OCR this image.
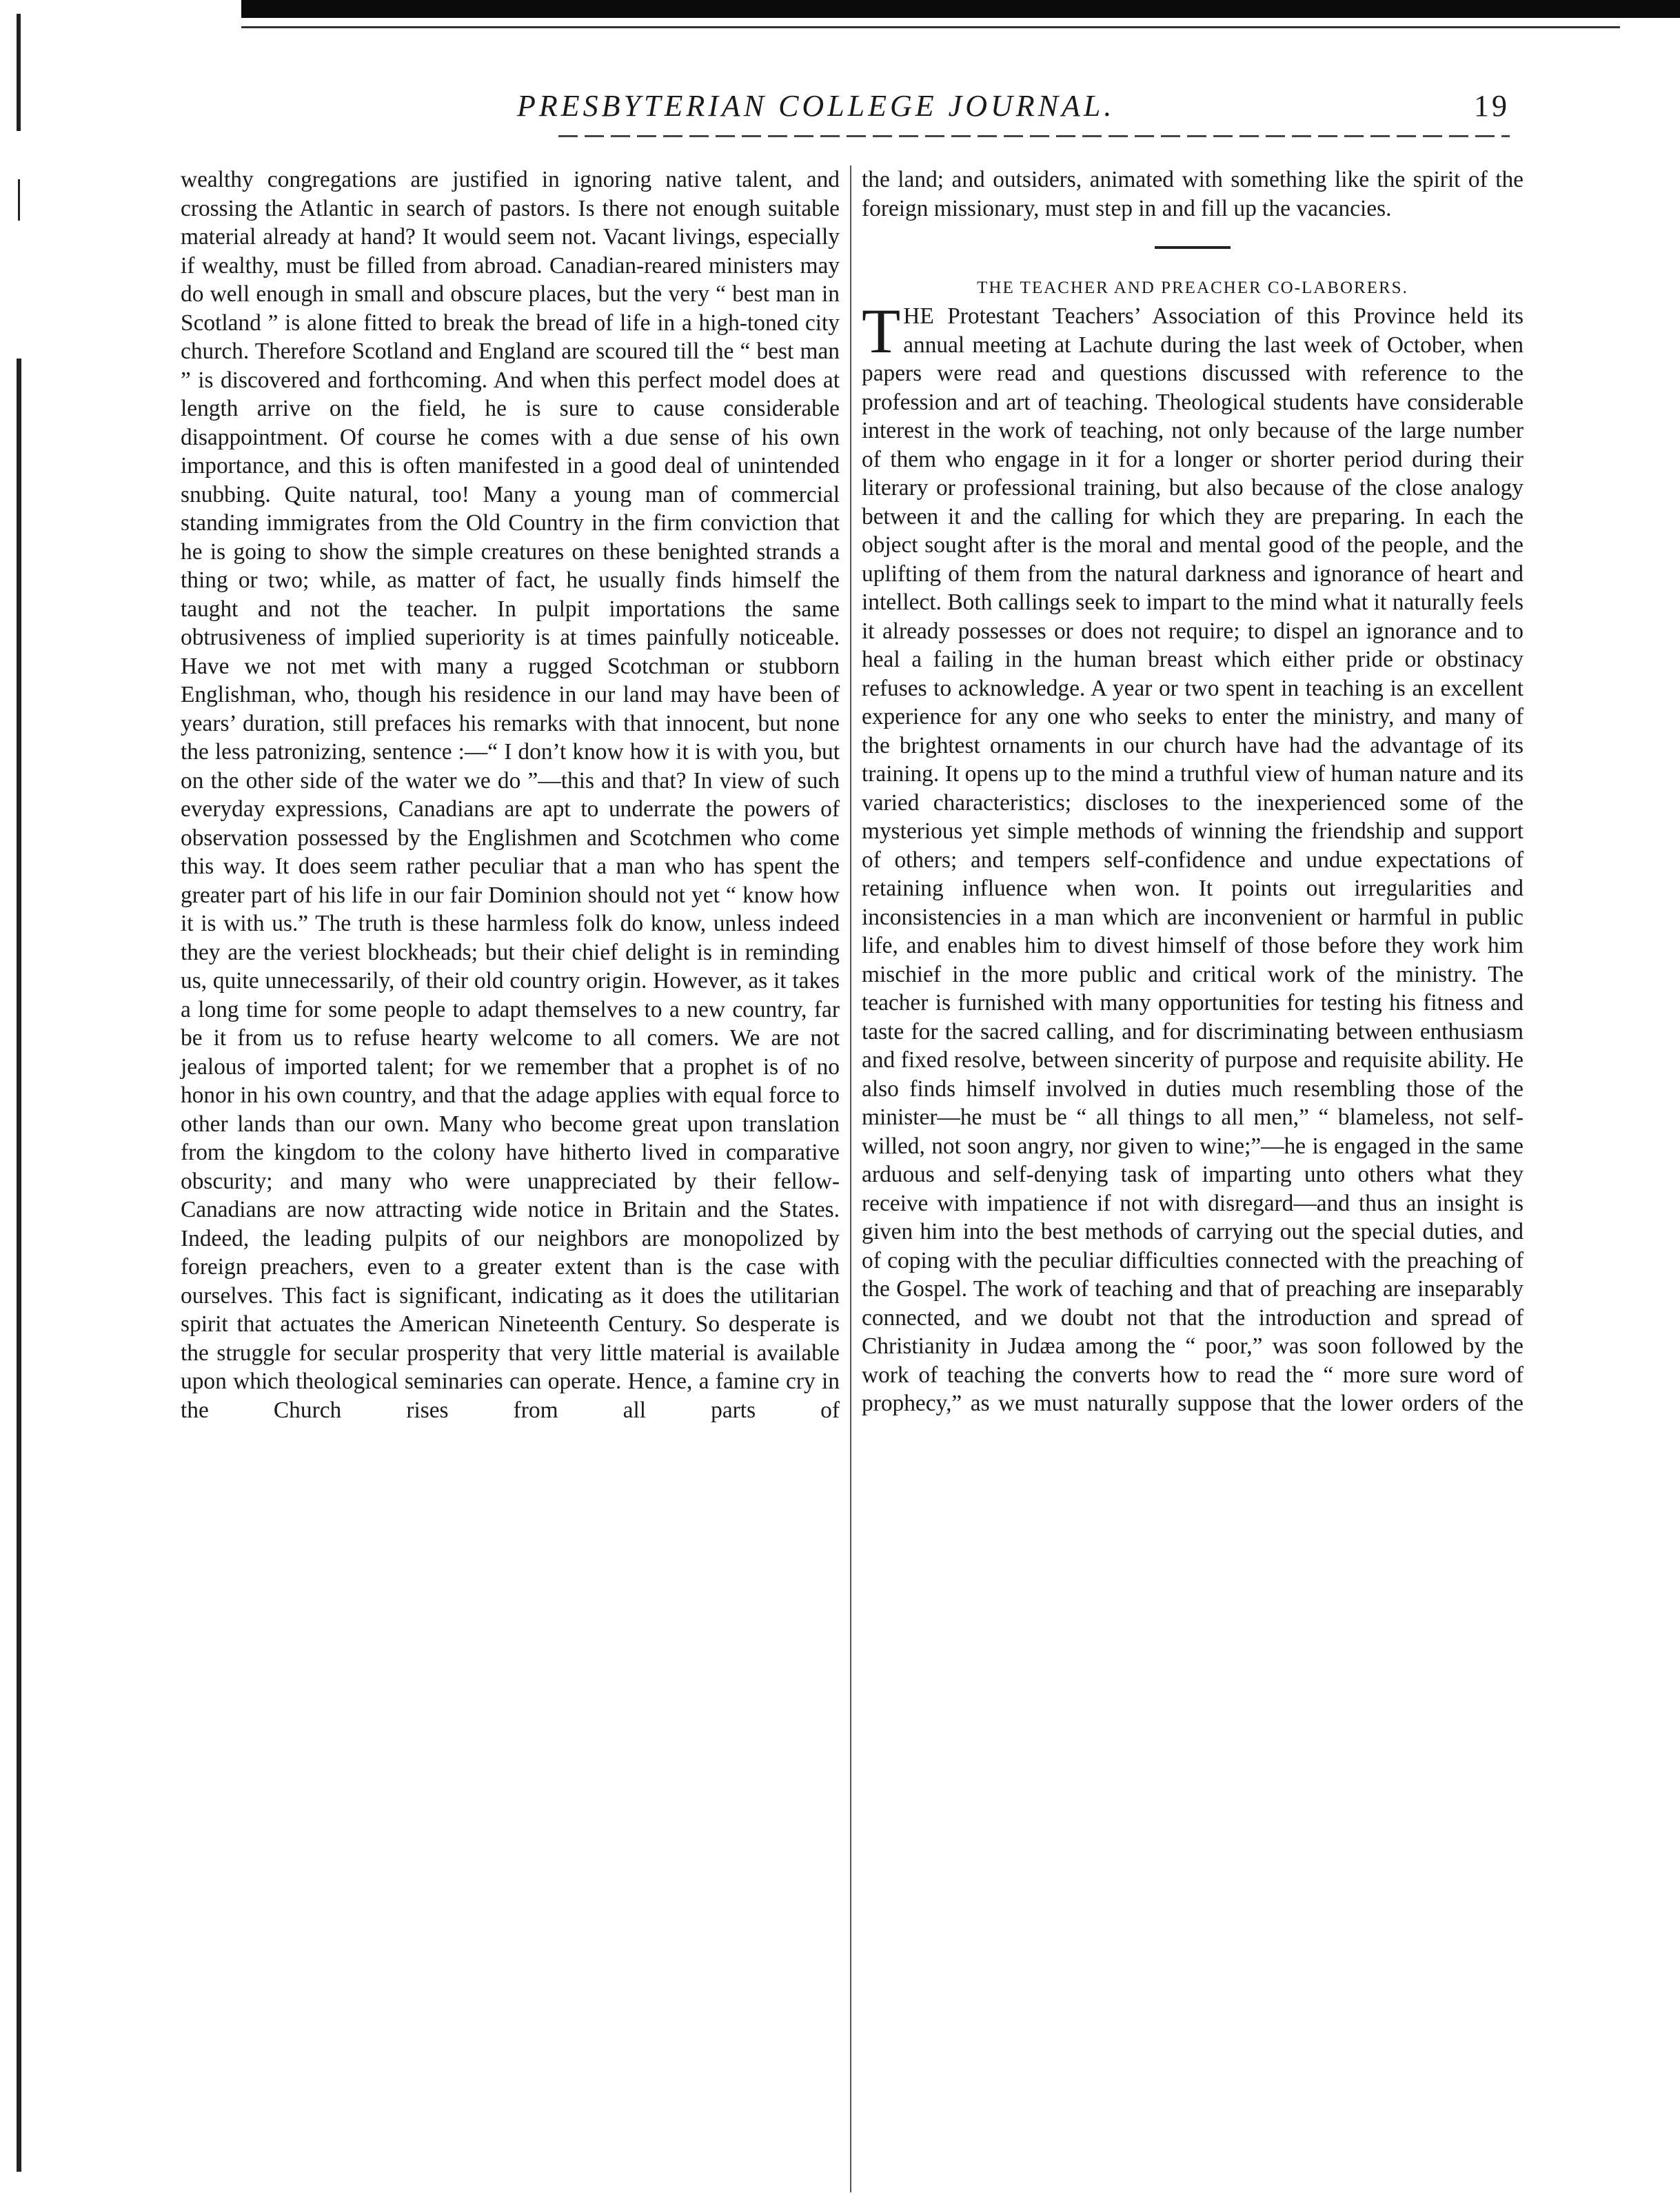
PRESBYTERIAN COLLEGE JOURNAL.	19

wealthy congregations are justified in ignoring native talent, and crossing the Atlantic in search of pastors. Is there not enough suitable material already at hand? It would seem not. Vacant livings, especially if wealthy, must be filled from abroad. Canadian-reared ministers may do well enough in small and obscure places, but the very “ best man in Scotland ” is alone fitted to break the bread of life in a high-toned city church. Therefore Scotland and England are scoured till the “ best man ” is discovered and forthcoming. And when this perfect model does at length arrive on the field, he is sure to cause considerable disappointment. Of course he comes with a due sense of his own importance, and this is often manifested in a good deal of unintended snubbing. Quite natural, too! Many a young man of commercial standing immigrates from the Old Country in the firm conviction that he is going to show the simple creatures on these benighted strands a thing or two; while, as matter of fact, he usually finds himself the taught and not the teacher. In pulpit importations the same obtrusiveness of implied superiority is at times painfully noticeable. Have we not met with many a rugged Scotchman or stubborn Englishman, who, though his residence in our land may have been of years’ duration, still prefaces his remarks with that innocent, but none the less patronizing, sentence :—“ I don’t know how it is with you, but on the other side of the water we do ”—this and that? In view of such everyday expressions, Canadians are apt to underrate the powers of observation possessed by the Englishmen and Scotchmen who come this way. It does seem rather peculiar that a man who has spent the greater part of his life in our fair Dominion should not yet “ know how it is with us.” The truth is these harmless folk do know, unless indeed they are the veriest blockheads; but their chief delight is in reminding us, quite unnecessarily, of their old country origin. However, as it takes a long time for some people to adapt themselves to a new country, far be it from us to refuse hearty welcome to all comers. We are not jealous of imported talent; for we remember that a prophet is of no honor in his own country, and that the adage applies with equal force to other lands than our own. Many who become great upon translation from the kingdom to the colony have hitherto lived in comparative obscurity; and many who were unappreciated by their fellow-Canadians are now attracting wide notice in Britain and the States. Indeed, the leading pulpits of our neighbors are monopolized by foreign preachers, even to a greater extent than is the case with ourselves. This fact is significant, indicating as it does the utilitarian spirit that actuates the American Nineteenth Century. So desperate is the struggle for secular prosperity that very little material is available upon which theological seminaries can operate. Hence, a famine cry in the Church rises from all parts of

the land; and outsiders, animated with something like the spirit of the foreign missionary, must step in and fill up the vacancies.

THE TEACHER AND PREACHER CO-LABORERS.

THE Protestant Teachers’ Association of this Province held its annual meeting at Lachute during the last week of October, when papers were read and questions discussed with reference to the profession and art of teaching. Theological students have considerable interest in the work of teaching, not only because of the large number of them who engage in it for a longer or shorter period during their literary or professional training, but also because of the close analogy between it and the calling for which they are preparing. In each the object sought after is the moral and mental good of the people, and the uplifting of them from the natural darkness and ignorance of heart and intellect. Both callings seek to impart to the mind what it naturally feels it already possesses or does not require; to dispel an ignorance and to heal a failing in the human breast which either pride or obstinacy refuses to acknowledge. A year or two spent in teaching is an excellent experience for any one who seeks to enter the ministry, and many of the brightest ornaments in our church have had the advantage of its training. It opens up to the mind a truthful view of human nature and its varied characteristics; discloses to the inexperienced some of the mysterious yet simple methods of winning the friendship and support of others; and tempers self-confidence and undue expectations of retaining influence when won. It points out irregularities and inconsistencies in a man which are inconvenient or harmful in public life, and enables him to divest himself of those before they work him mischief in the more public and critical work of the ministry. The teacher is furnished with many opportunities for testing his fitness and taste for the sacred calling, and for discriminating between enthusiasm and fixed resolve, between sincerity of purpose and requisite ability. He also finds himself involved in duties much resembling those of the minister—he must be “ all things to all men,” “ blameless, not self-willed, not soon angry, nor given to wine;”—he is engaged in the same arduous and self-denying task of imparting unto others what they receive with impatience if not with disregard—and thus an insight is given him into the best methods of carrying out the special duties, and of coping with the peculiar difficulties connected with the preaching of the Gospel. The work of teaching and that of preaching are inseparably connected, and we doubt not that the introduction and spread of Christianity in Judæa among the “ poor,” was soon followed by the work of teaching the converts how to read the “ more sure word of prophecy,” as we must naturally suppose that the lower orders of the
